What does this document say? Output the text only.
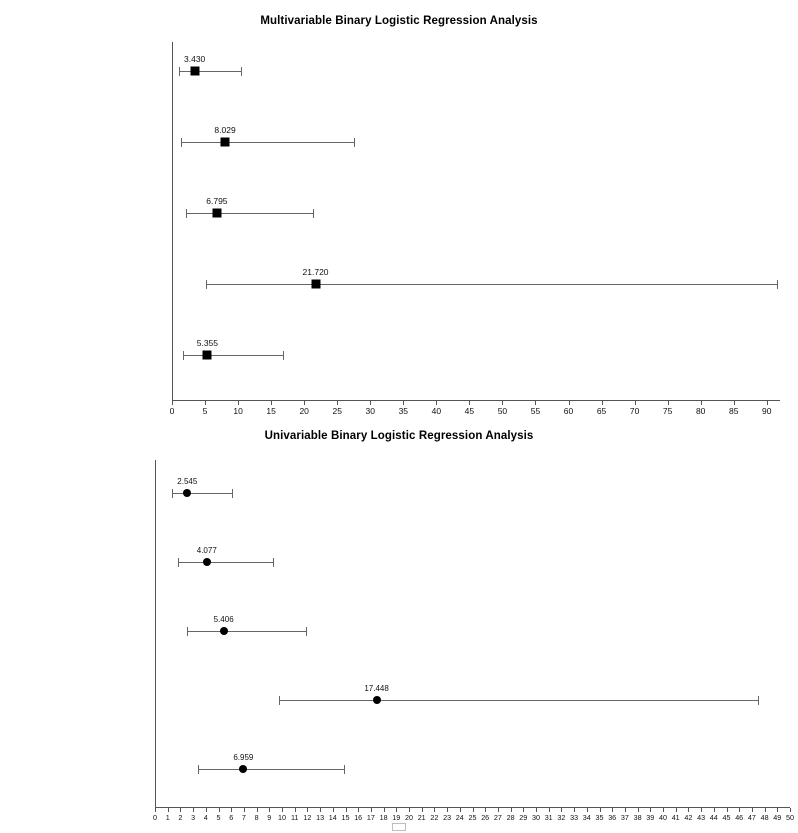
Multivariable Binary Logistic Regression Analysis
0	5	10	15	20	25	30	35	40	45	50	55	60	65	70	75	80	85	90
3.430
8.029
6.795
21.720
5.355
Univariable Binary Logistic Regression Analysis
0 1 2 3 4 5 6 7 8 9 10 11 12 13 14 15 16 17 18 19 20 21 22 23 24 25 26 27 28 29 30 31 32 33 34 35 36 37 38 39 40 41 42 43 44 45 46 47 48 49 50
2.545
4.077
5.406
17.448
6.959
